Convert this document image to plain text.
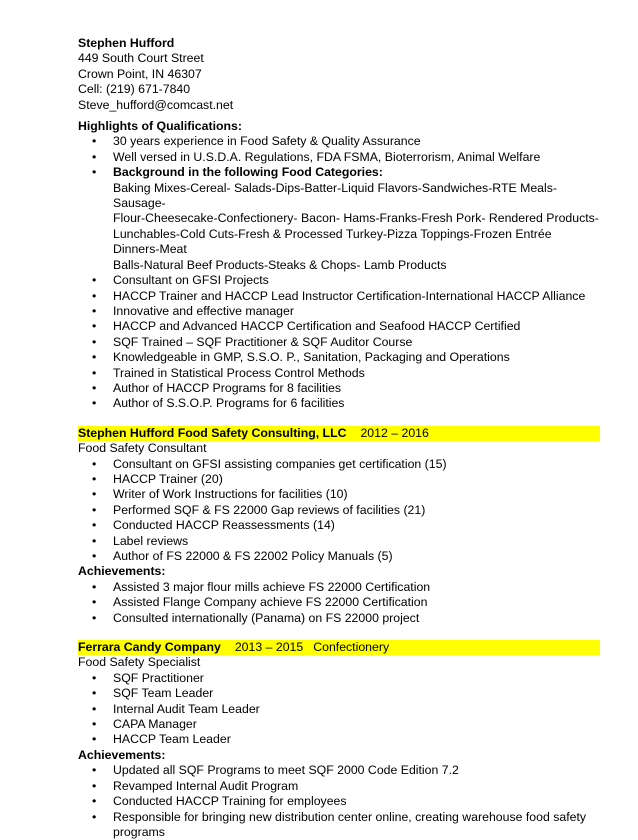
Stephen Hufford
449 South Court Street
Crown Point, IN 46307
Cell: (219) 671-7840
Steve_hufford@comcast.net
Highlights of Qualifications:
• 30 years experience in Food Safety & Quality Assurance
• Well versed in U.S.D.A. Regulations, FDA FSMA, Bioterrorism, Animal Welfare
• Background in the following Food Categories:
Baking Mixes-Cereal- Salads-Dips-Batter-Liquid Flavors-Sandwiches-RTE Meals- Sausage-
Flour-Cheesecake-Confectionery- Bacon- Hams-Franks-Fresh Pork- Rendered Products-
Lunchables-Cold Cuts-Fresh & Processed Turkey-Pizza Toppings-Frozen Entrée Dinners-Meat
Balls-Natural Beef Products-Steaks & Chops- Lamb Products
• Consultant on GFSI Projects
• HACCP Trainer and HACCP Lead Instructor Certification-International HACCP Alliance
• Innovative and effective manager
• HACCP and Advanced HACCP Certification and Seafood HACCP Certified
• SQF Trained – SQF Practitioner & SQF Auditor Course
• Knowledgeable in GMP, S.S.O. P., Sanitation, Packaging and Operations
• Trained in Statistical Process Control Methods
• Author of HACCP Programs for 8 facilities
• Author of S.S.O.P. Programs for 6 facilities
Stephen Hufford Food Safety Consulting, LLC 2012 – 2016
Food Safety Consultant
• Consultant on GFSI assisting companies get certification (15)
• HACCP Trainer (20)
• Writer of Work Instructions for facilities (10)
• Performed SQF & FS 22000 Gap reviews of facilities (21)
• Conducted HACCP Reassessments (14)
• Label reviews
• Author of FS 22000 & FS 22002 Policy Manuals (5)
Achievements:
• Assisted 3 major flour mills achieve FS 22000 Certification
• Assisted Flange Company achieve FS 22000 Certification
• Consulted internationally (Panama) on FS 22000 project
Ferrara Candy Company 2013 – 2015 Confectionery
Food Safety Specialist
• SQF Practitioner
• SQF Team Leader
• Internal Audit Team Leader
• CAPA Manager
• HACCP Team Leader
Achievements:
• Updated all SQF Programs to meet SQF 2000 Code Edition 7.2
• Revamped Internal Audit Program
• Conducted HACCP Training for employees
• Responsible for bringing new distribution center online, creating warehouse food safety
programs
